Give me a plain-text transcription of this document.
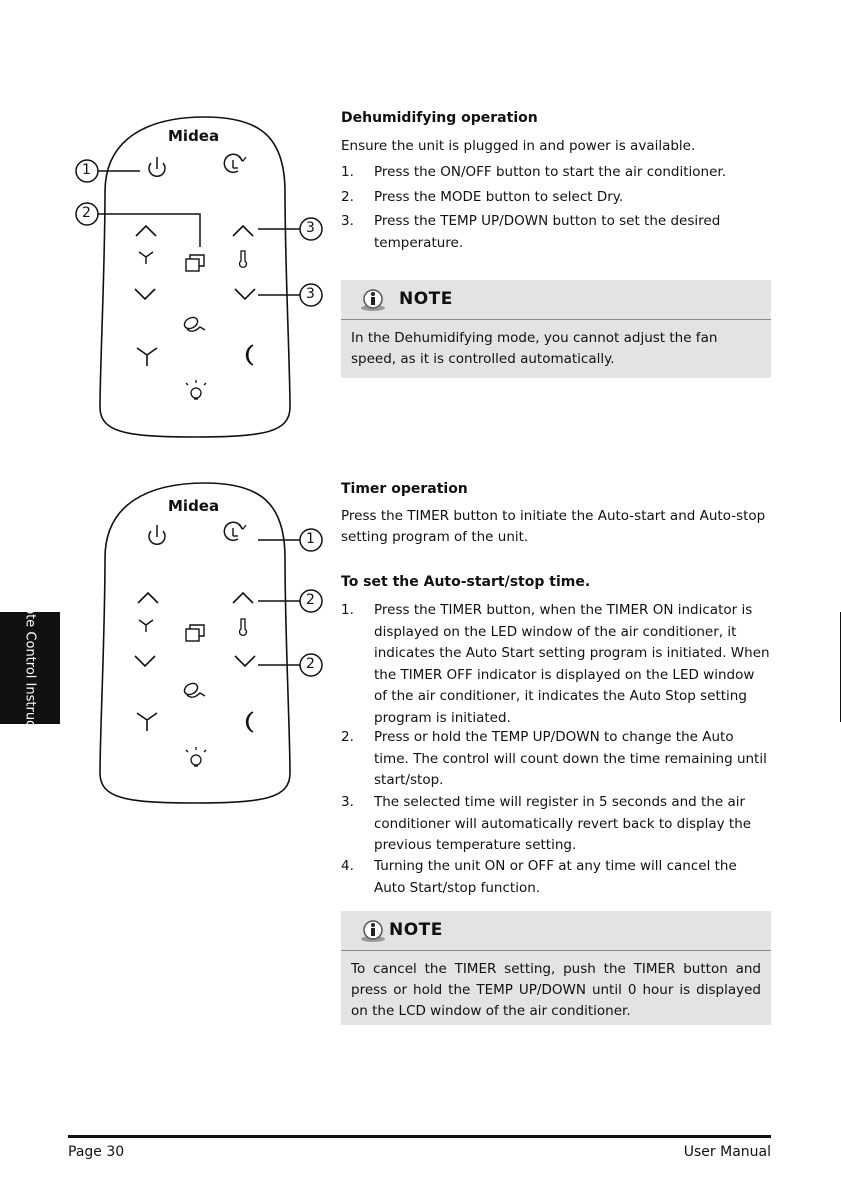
Midea
Midea
1
2
3
3
1
2
2
Dehumidifying operation
Ensure the unit is plugged in and power is available.
1. Press the ON/OFF button to start the air conditioner.
2. Press the MODE button to select Dry.
3. Press the TEMP UP/DOWN button to set the desired temperature.
NOTE
In the Dehumidifying mode, you cannot adjust the fan speed, as it is controlled automatically.
Timer operation
Press the TIMER button to initiate the Auto-start and Auto-stop setting program of the unit.
To set the Auto-start/stop time.
1. Press the TIMER button, when the TIMER ON indicator is displayed on the LED window of the air conditioner, it indicates the Auto Start setting program is initiated. When the TIMER OFF indicator is displayed on the LED window of the air conditioner, it indicates the Auto Stop setting program is initiated.
2. Press or hold the TEMP UP/DOWN to change the Auto time. The control will count down the time remaining until start/stop.
3. The selected time will register in 5 seconds and the air conditioner will automatically revert back to display the previous temperature setting.
4. Turning the unit ON or OFF at any time will cancel the Auto Start/stop function.
NOTE
To cancel the TIMER setting, push the TIMER button and press or hold the TEMP UP/DOWN until 0 hour is displayed on the LCD window of the air conditioner.
Remote Control Instructions
Page 30	User Manual
